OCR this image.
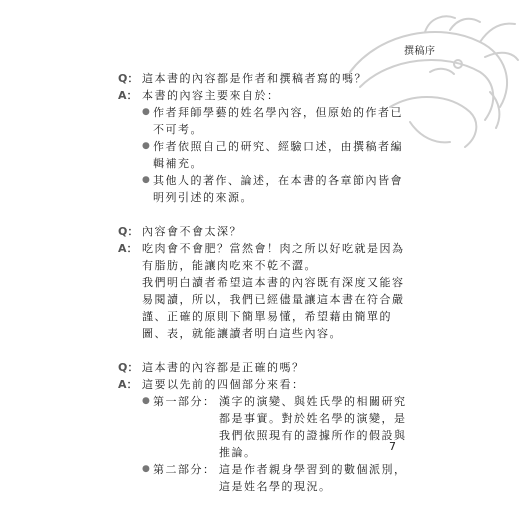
撰稿序
Q： 這本書的內容都是作者和撰稿者寫的嗎？
A： 本書的內容主要來自於：
● 作者拜師學藝的姓名學內容，但原始的作者已不可考。
● 作者依照自己的研究、經驗口述，由撰稿者編輯補充。
● 其他人的著作、論述，在本書的各章節內皆會明列引述的來源。
Q： 內容會不會太深？
A： 吃肉會不會肥？當然會！肉之所以好吃就是因為有脂肪，能讓肉吃來不乾不澀。
我們明白讀者希望這本書的內容既有深度又能容易閱讀，所以，我們已經儘量讓這本書在符合嚴謹、正確的原則下簡單易懂，希望藉由簡單的圖、表，就能讓讀者明白這些內容。
Q： 這本書的內容都是正確的嗎？
A： 這要以先前的四個部分來看：
● 第一部分： 漢字的演變、與姓氏學的相關研究都是事實。對於姓名學的演變，是我們依照現有的證據所作的假設與推論。
● 第二部分： 這是作者親身學習到的數個派別，這是姓名學的現況。
7
